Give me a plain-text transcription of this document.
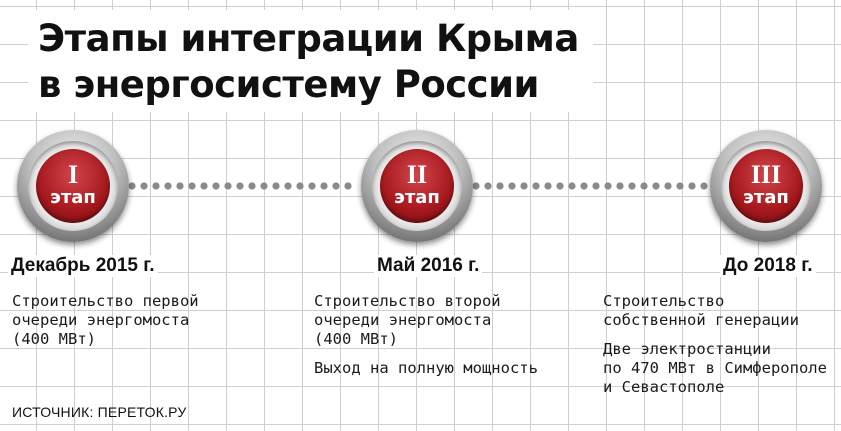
Этапы интеграции Крыма
в энергосистему России
I
этап
II
этап
III
этап
Декабрь 2015 г.	Май 2016 г.	До 2018 г.

Строительство первой
очереди энергомоста
(400 МВт)

Строительство второй
очереди энергомоста
(400 МВт)

Выход на полную мощность

Строительство
собственной генерации

Две электростанции
по 470 МВт в Симферополе
и Севастополе

ИСТОЧНИК: ПЕРЕТОК.РУ
